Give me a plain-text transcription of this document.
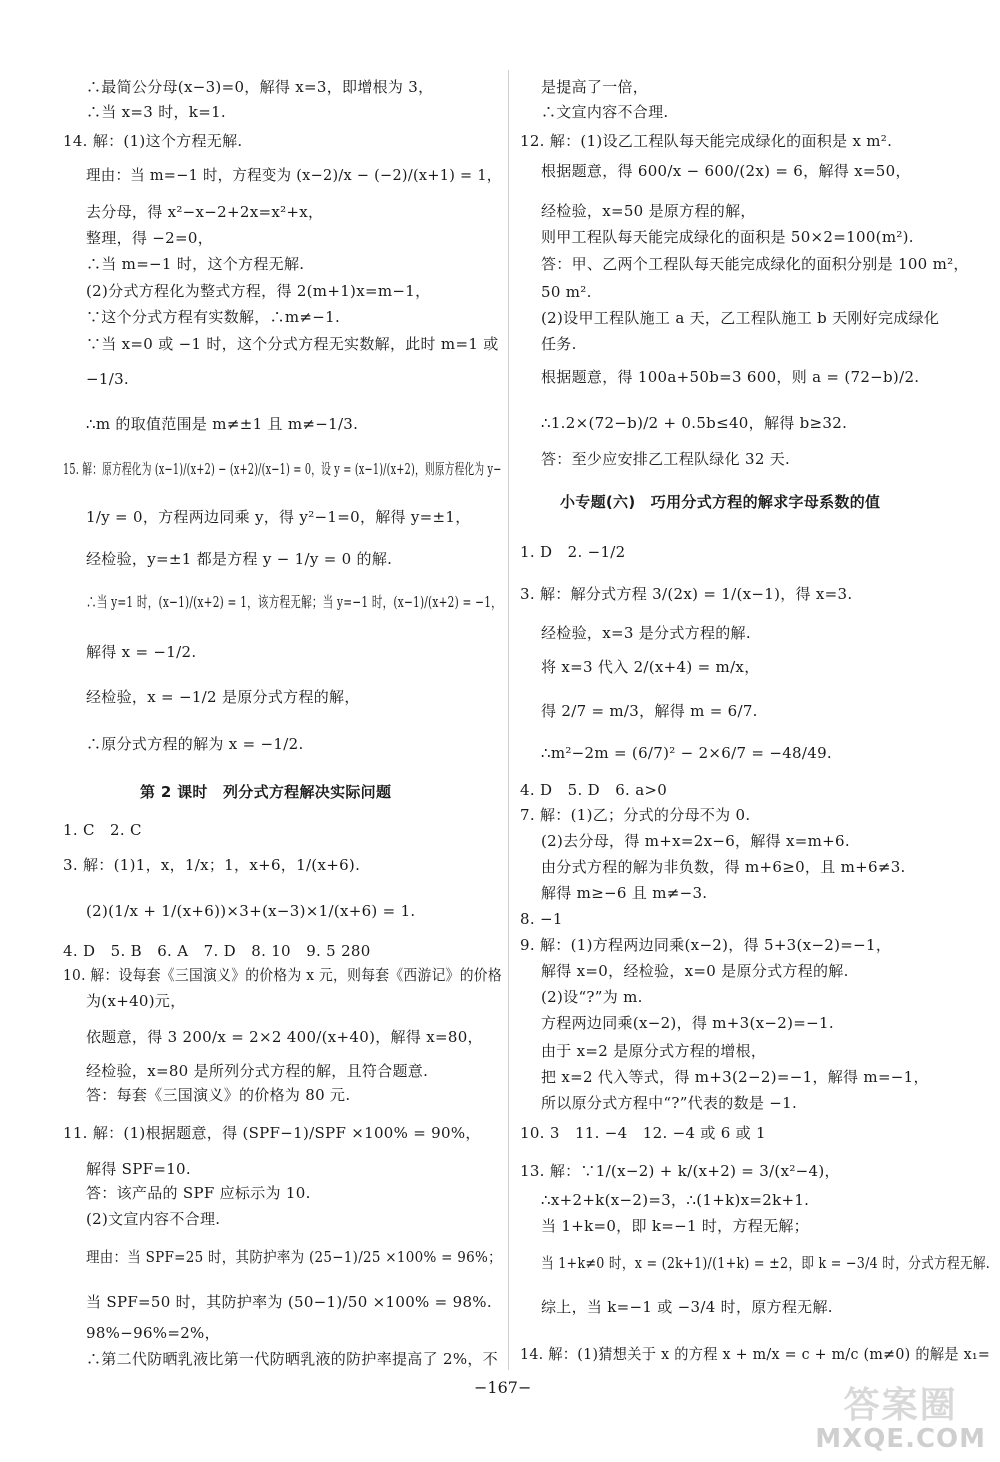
∴最简公分母(x−3)=0，解得 x=3，即增根为 3，
∴当 x=3 时，k=1.
14. 解：(1)这个方程无解.
理由：当 m=−1 时，方程变为 (x−2)/x − (−2)/(x+1) = 1，
去分母，得 x²−x−2+2x=x²+x，
整理，得 −2=0，
∴当 m=−1 时，这个方程无解.
(2)分式方程化为整式方程，得 2(m+1)x=m−1，
∵这个分式方程有实数解，∴m≠−1.
∵当 x=0 或 −1 时，这个分式方程无实数解，此时 m=1 或
−1/3.
∴m 的取值范围是 m≠±1 且 m≠−1/3.
15. 解：原方程化为 (x−1)/(x+2) − (x+2)/(x−1) = 0，设 y = (x−1)/(x+2)，则原方程化为 y−
1/y = 0，方程两边同乘 y，得 y²−1=0，解得 y=±1，
经检验，y=±1 都是方程 y − 1/y = 0 的解.
∴当 y=1 时，(x−1)/(x+2) = 1，该方程无解；当 y=−1 时，(x−1)/(x+2) = −1，
解得 x = −1/2.
经检验，x = −1/2 是原分式方程的解，
∴原分式方程的解为 x = −1/2.
第 2 课时　列分式方程解决实际问题
1. C　2. C
3. 解：(1)1，x，1/x；1，x+6，1/(x+6).
(2)(1/x + 1/(x+6))×3+(x−3)×1/(x+6) = 1.
4. D　5. B　6. A　7. D　8. 10　9. 5 280
10. 解：设每套《三国演义》的价格为 x 元，则每套《西游记》的价格
为(x+40)元，
依题意，得 3 200/x = 2×2 400/(x+40)，解得 x=80，
经检验，x=80 是所列分式方程的解，且符合题意.
答：每套《三国演义》的价格为 80 元.
11. 解：(1)根据题意，得 (SPF−1)/SPF ×100% = 90%，
解得 SPF=10.
答：该产品的 SPF 应标示为 10.
(2)文宣内容不合理.
理由：当 SPF=25 时，其防护率为 (25−1)/25 ×100% = 96%；
当 SPF=50 时，其防护率为 (50−1)/50 ×100% = 98%.
98%−96%=2%，
∴第二代防晒乳液比第一代防晒乳液的防护率提高了 2%，不
是提高了一倍，
∴文宣内容不合理.
12. 解：(1)设乙工程队每天能完成绿化的面积是 x m².
根据题意，得 600/x − 600/(2x) = 6，解得 x=50，
经检验，x=50 是原方程的解，
则甲工程队每天能完成绿化的面积是 50×2=100(m²).
答：甲、乙两个工程队每天能完成绿化的面积分别是 100 m²，
50 m².
(2)设甲工程队施工 a 天，乙工程队施工 b 天刚好完成绿化
任务.
根据题意，得 100a+50b=3 600，则 a = (72−b)/2.
∴1.2×(72−b)/2 + 0.5b≤40，解得 b≥32.
答：至少应安排乙工程队绿化 32 天.
小专题(六)　巧用分式方程的解求字母系数的值
1. D　2. −1/2
3. 解：解分式方程 3/(2x) = 1/(x−1)，得 x=3.
经检验，x=3 是分式方程的解.
将 x=3 代入 2/(x+4) = m/x，
得 2/7 = m/3，解得 m = 6/7.
∴m²−2m = (6/7)² − 2×6/7 = −48/49.
4. D　5. D　6. a>0
7. 解：(1)乙；分式的分母不为 0.
(2)去分母，得 m+x=2x−6，解得 x=m+6.
由分式方程的解为非负数，得 m+6≥0，且 m+6≠3.
解得 m≥−6 且 m≠−3.
8. −1
9. 解：(1)方程两边同乘(x−2)，得 5+3(x−2)=−1，
解得 x=0，经检验，x=0 是原分式方程的解.
(2)设“?”为 m.
方程两边同乘(x−2)，得 m+3(x−2)=−1.
由于 x=2 是原分式方程的增根，
把 x=2 代入等式，得 m+3(2−2)=−1，解得 m=−1，
所以原分式方程中“?”代表的数是 −1.
10. 3　11. −4　12. −4 或 6 或 1
13. 解：∵1/(x−2) + k/(x+2) = 3/(x²−4)，
∴x+2+k(x−2)=3，∴(1+k)x=2k+1.
当 1+k=0，即 k=−1 时，方程无解；
当 1+k≠0 时，x = (2k+1)/(1+k) = ±2，即 k = −3/4 时，分式方程无解.
综上，当 k=−1 或 −3/4 时，原方程无解.
14. 解：(1)猜想关于 x 的方程 x + m/x = c + m/c (m≠0) 的解是 x₁=
−167−	答案圈
MXQE.COM
